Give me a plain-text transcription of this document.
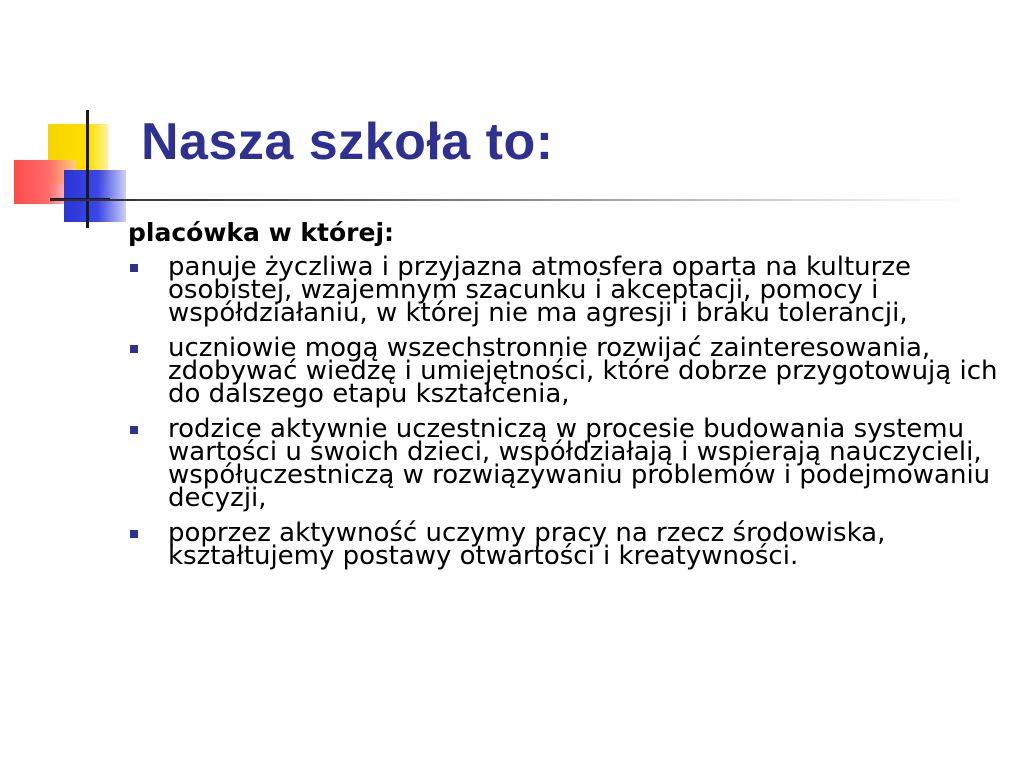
Nasza szkoła to:

placówka w której:

panuje życzliwa i przyjazna atmosfera oparta na kulturze osobistej, wzajemnym szacunku i akceptacji, pomocy i współdziałaniu, w której nie ma agresji i braku tolerancji,
uczniowie mogą wszechstronnie rozwijać zainteresowania, zdobywać wiedzę i umiejętności, które dobrze przygotowują ich do dalszego etapu kształcenia,
rodzice aktywnie uczestniczą w procesie budowania systemu wartości u swoich dzieci, współdziałają i wspierają nauczycieli, współuczestniczą w rozwiązywaniu problemów i podejmowaniu decyzji,
poprzez aktywność uczymy pracy na rzecz środowiska, kształtujemy postawy otwartości i kreatywności.
